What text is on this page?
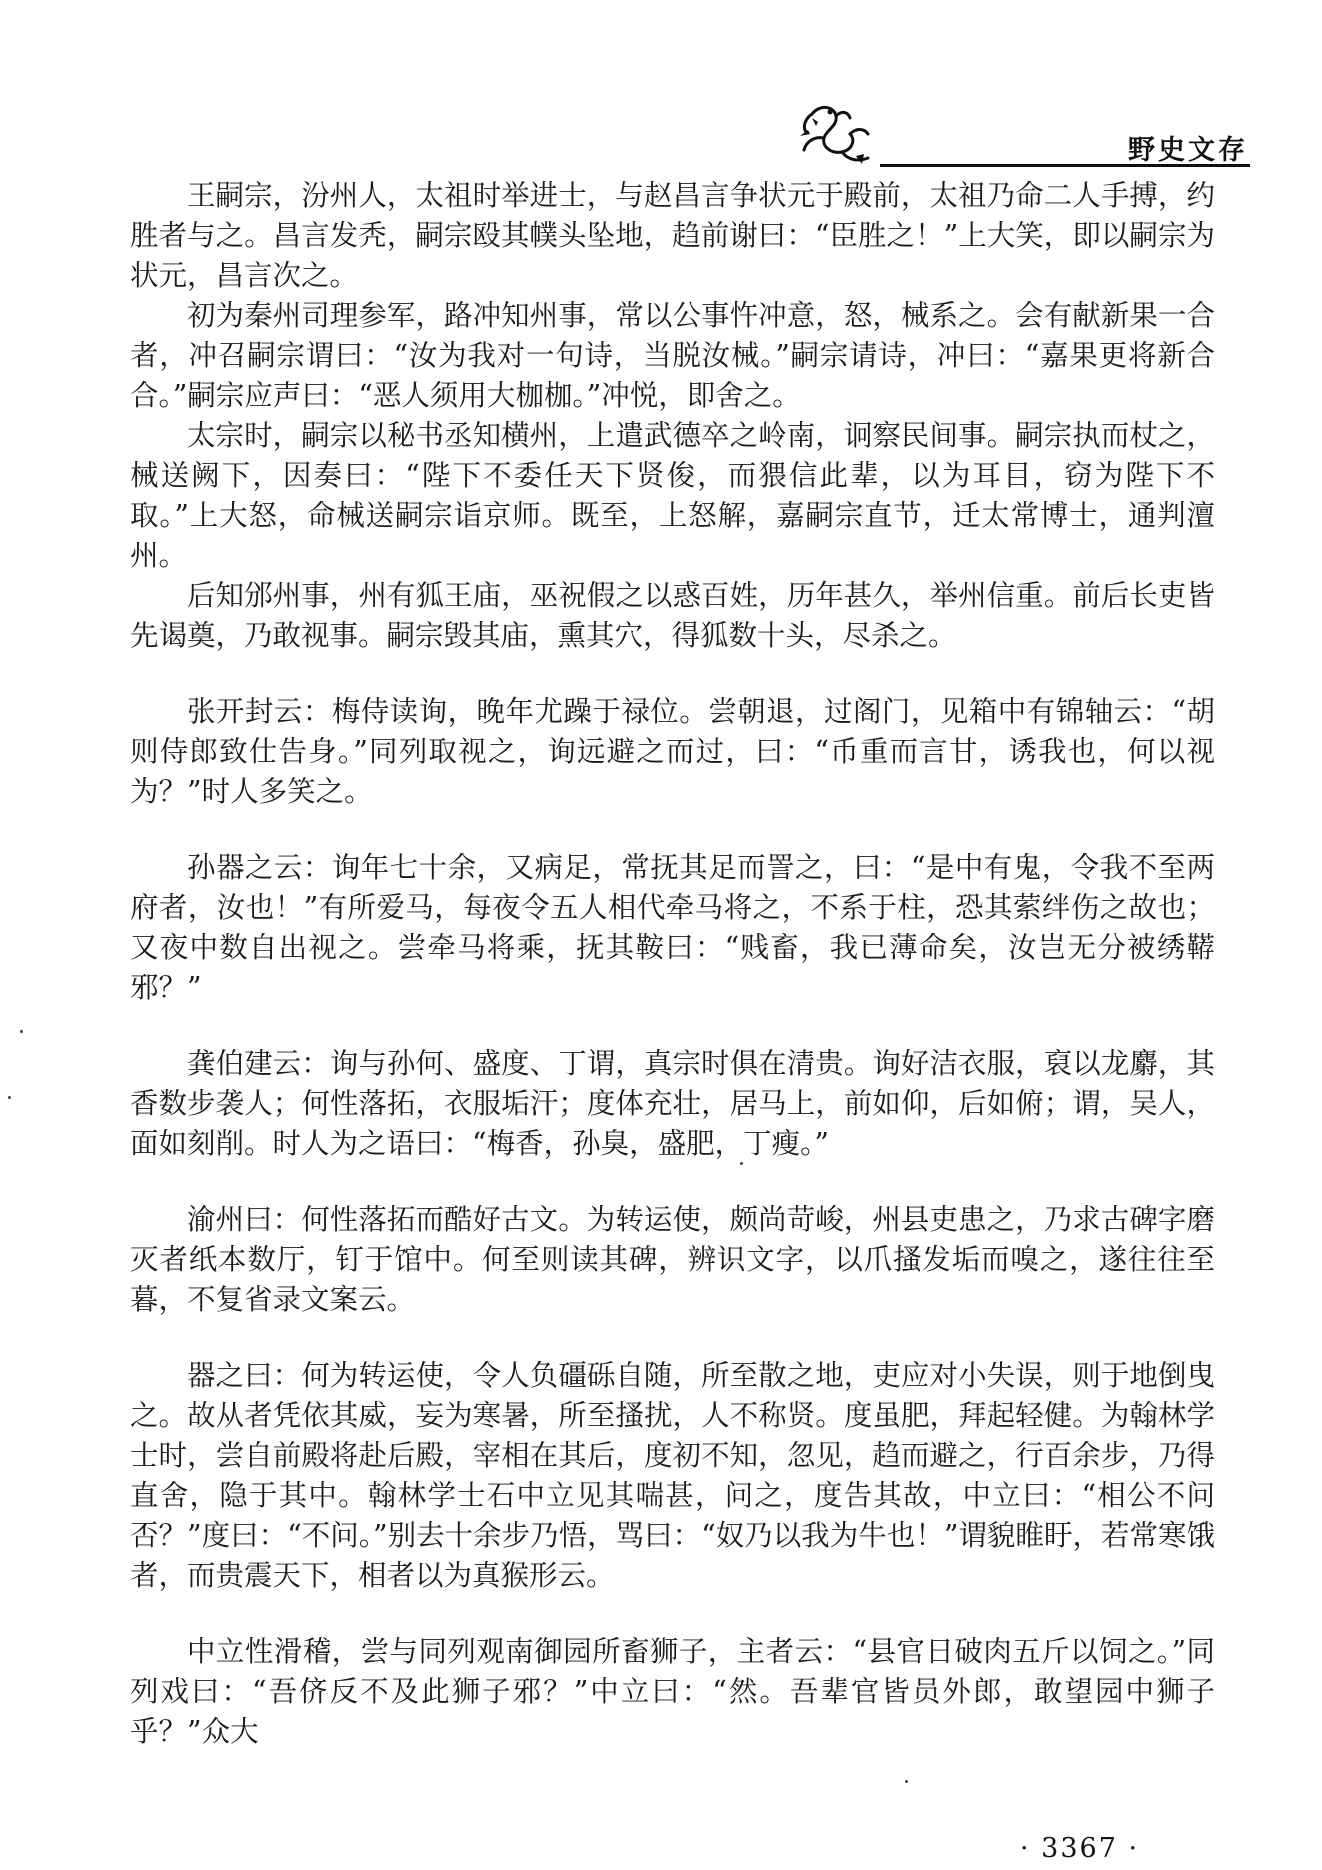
野史文存

王嗣宗，汾州人，太祖时举进士，与赵昌言争状元于殿前，太祖乃命二人手搏，约胜者与之。昌言发秃，嗣宗殴其幞头坠地，趋前谢曰：“臣胜之！”上大笑，即以嗣宗为状元，昌言次之。

初为秦州司理参军，路冲知州事，常以公事忤冲意，怒，械系之。会有献新果一合者，冲召嗣宗谓曰：“汝为我对一句诗，当脱汝械。”嗣宗请诗，冲曰：“嘉果更将新合合。”嗣宗应声曰：“恶人须用大枷枷。”冲悦，即舍之。

太宗时，嗣宗以秘书丞知横州，上遣武德卒之岭南，诇察民间事。嗣宗执而杖之，械送阙下，因奏曰：“陛下不委任天下贤俊，而猥信此辈，以为耳目，窃为陛下不取。”上大怒，命械送嗣宗诣京师。既至，上怒解，嘉嗣宗直节，迁太常博士，通判澶州。

后知邠州事，州有狐王庙，巫祝假之以惑百姓，历年甚久，举州信重。前后长吏皆先谒奠，乃敢视事。嗣宗毁其庙，熏其穴，得狐数十头，尽杀之。

张开封云：梅侍读询，晚年尤躁于禄位。尝朝退，过阁门，见箱中有锦轴云：“胡则侍郎致仕告身。”同列取视之，询远避之而过，曰：“币重而言甘，诱我也，何以视为？”时人多笑之。

孙器之云：询年七十余，又病足，常抚其足而詈之，曰：“是中有鬼，令我不至两府者，汝也！”有所爱马，每夜令五人相代牵马将之，不系于柱，恐其萦绊伤之故也；又夜中数自出视之。尝牵马将乘，抚其鞍曰：“贱畜，我已薄命矣，汝岂无分被绣鞯邪？”

龚伯建云：询与孙何、盛度、丁谓，真宗时俱在清贵。询好洁衣服，裒以龙麝，其香数步袭人；何性落拓，衣服垢汗；度体充壮，居马上，前如仰，后如俯；谓，吴人，面如刻削。时人为之语曰：“梅香，孙臭，盛肥，丁瘦。”

渝州曰：何性落拓而酷好古文。为转运使，颇尚苛峻，州县吏患之，乃求古碑字磨灭者纸本数厅，钉于馆中。何至则读其碑，辨识文字，以爪搔发垢而嗅之，遂往往至暮，不复省录文案云。

器之曰：何为转运使，令人负礓砾自随，所至散之地，吏应对小失误，则于地倒曳之。故从者凭依其威，妄为寒暑，所至搔扰，人不称贤。度虽肥，拜起轻健。为翰林学士时，尝自前殿将赴后殿，宰相在其后，度初不知，忽见，趋而避之，行百余步，乃得直舍，隐于其中。翰林学士石中立见其喘甚，问之，度告其故，中立曰：“相公不问否？”度曰：“不问。”别去十余步乃悟，骂曰：“奴乃以我为牛也！”谓貌睢盱，若常寒饿者，而贵震天下，相者以为真猴形云。

中立性滑稽，尝与同列观南御园所畜狮子，主者云：“县官日破肉五斤以饲之。”同列戏曰：“吾侪反不及此狮子邪？”中立曰：“然。吾辈官皆员外郎，敢望园中狮子乎？”众大

· 3367 ·
